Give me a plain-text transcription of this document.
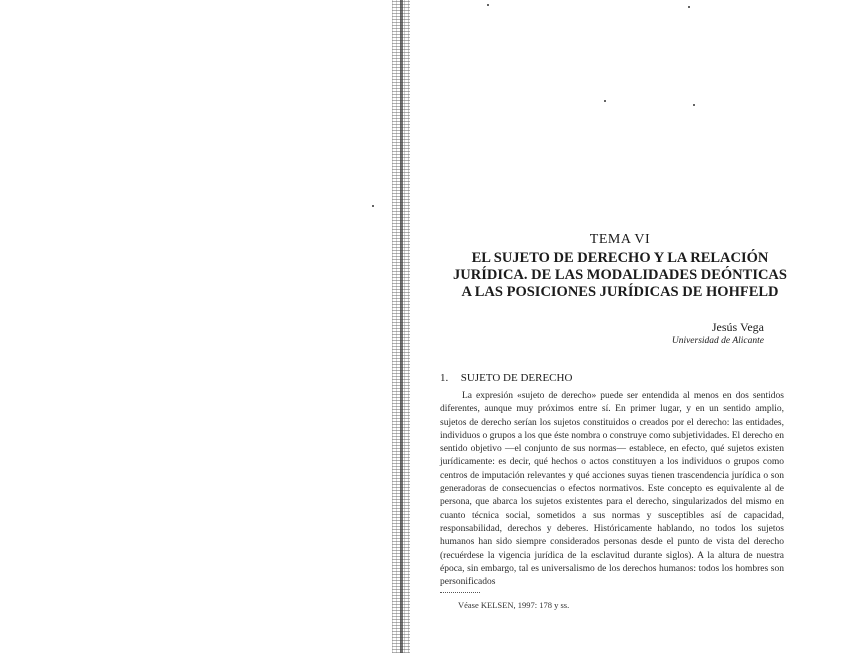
TEMA VI
EL SUJETO DE DERECHO Y LA RELACIÓN
JURÍDICA. DE LAS MODALIDADES DEÓNTICAS
A LAS POSICIONES JURÍDICAS DE HOHFELD
Jesús Vega
Universidad de Alicante
1. SUJETO DE DERECHO

La expresión «sujeto de derecho» puede ser entendida al menos en dos sentidos diferentes, aunque muy próximos entre sí. En primer lugar, y en un sentido amplio, sujetos de derecho serían los sujetos constituidos o creados por el derecho: las entidades, individuos o grupos a los que éste nombra o construye como subjetividades. El derecho en sentido objetivo —el conjunto de sus normas— establece, en efecto, qué sujetos existen jurídicamente: es decir, qué hechos o actos constituyen a los individuos o grupos como centros de imputación relevantes y qué acciones suyas tienen trascendencia jurídica o son generadoras de consecuencias o efectos normativos. Este concepto es equivalente al de persona, que abarca los sujetos existentes para el derecho, singularizados del mismo en cuanto técnica social, sometidos a sus normas y susceptibles así de capacidad, responsabilidad, derechos y deberes. Históricamente hablando, no todos los sujetos humanos han sido siempre considerados personas desde el punto de vista del derecho (recuérdese la vigencia jurídica de la esclavitud durante siglos). A la altura de nuestra época, sin embargo, tal es universalismo de los derechos humanos: todos los hombres son personificados

Véase KELSEN, 1997: 178 y ss.
